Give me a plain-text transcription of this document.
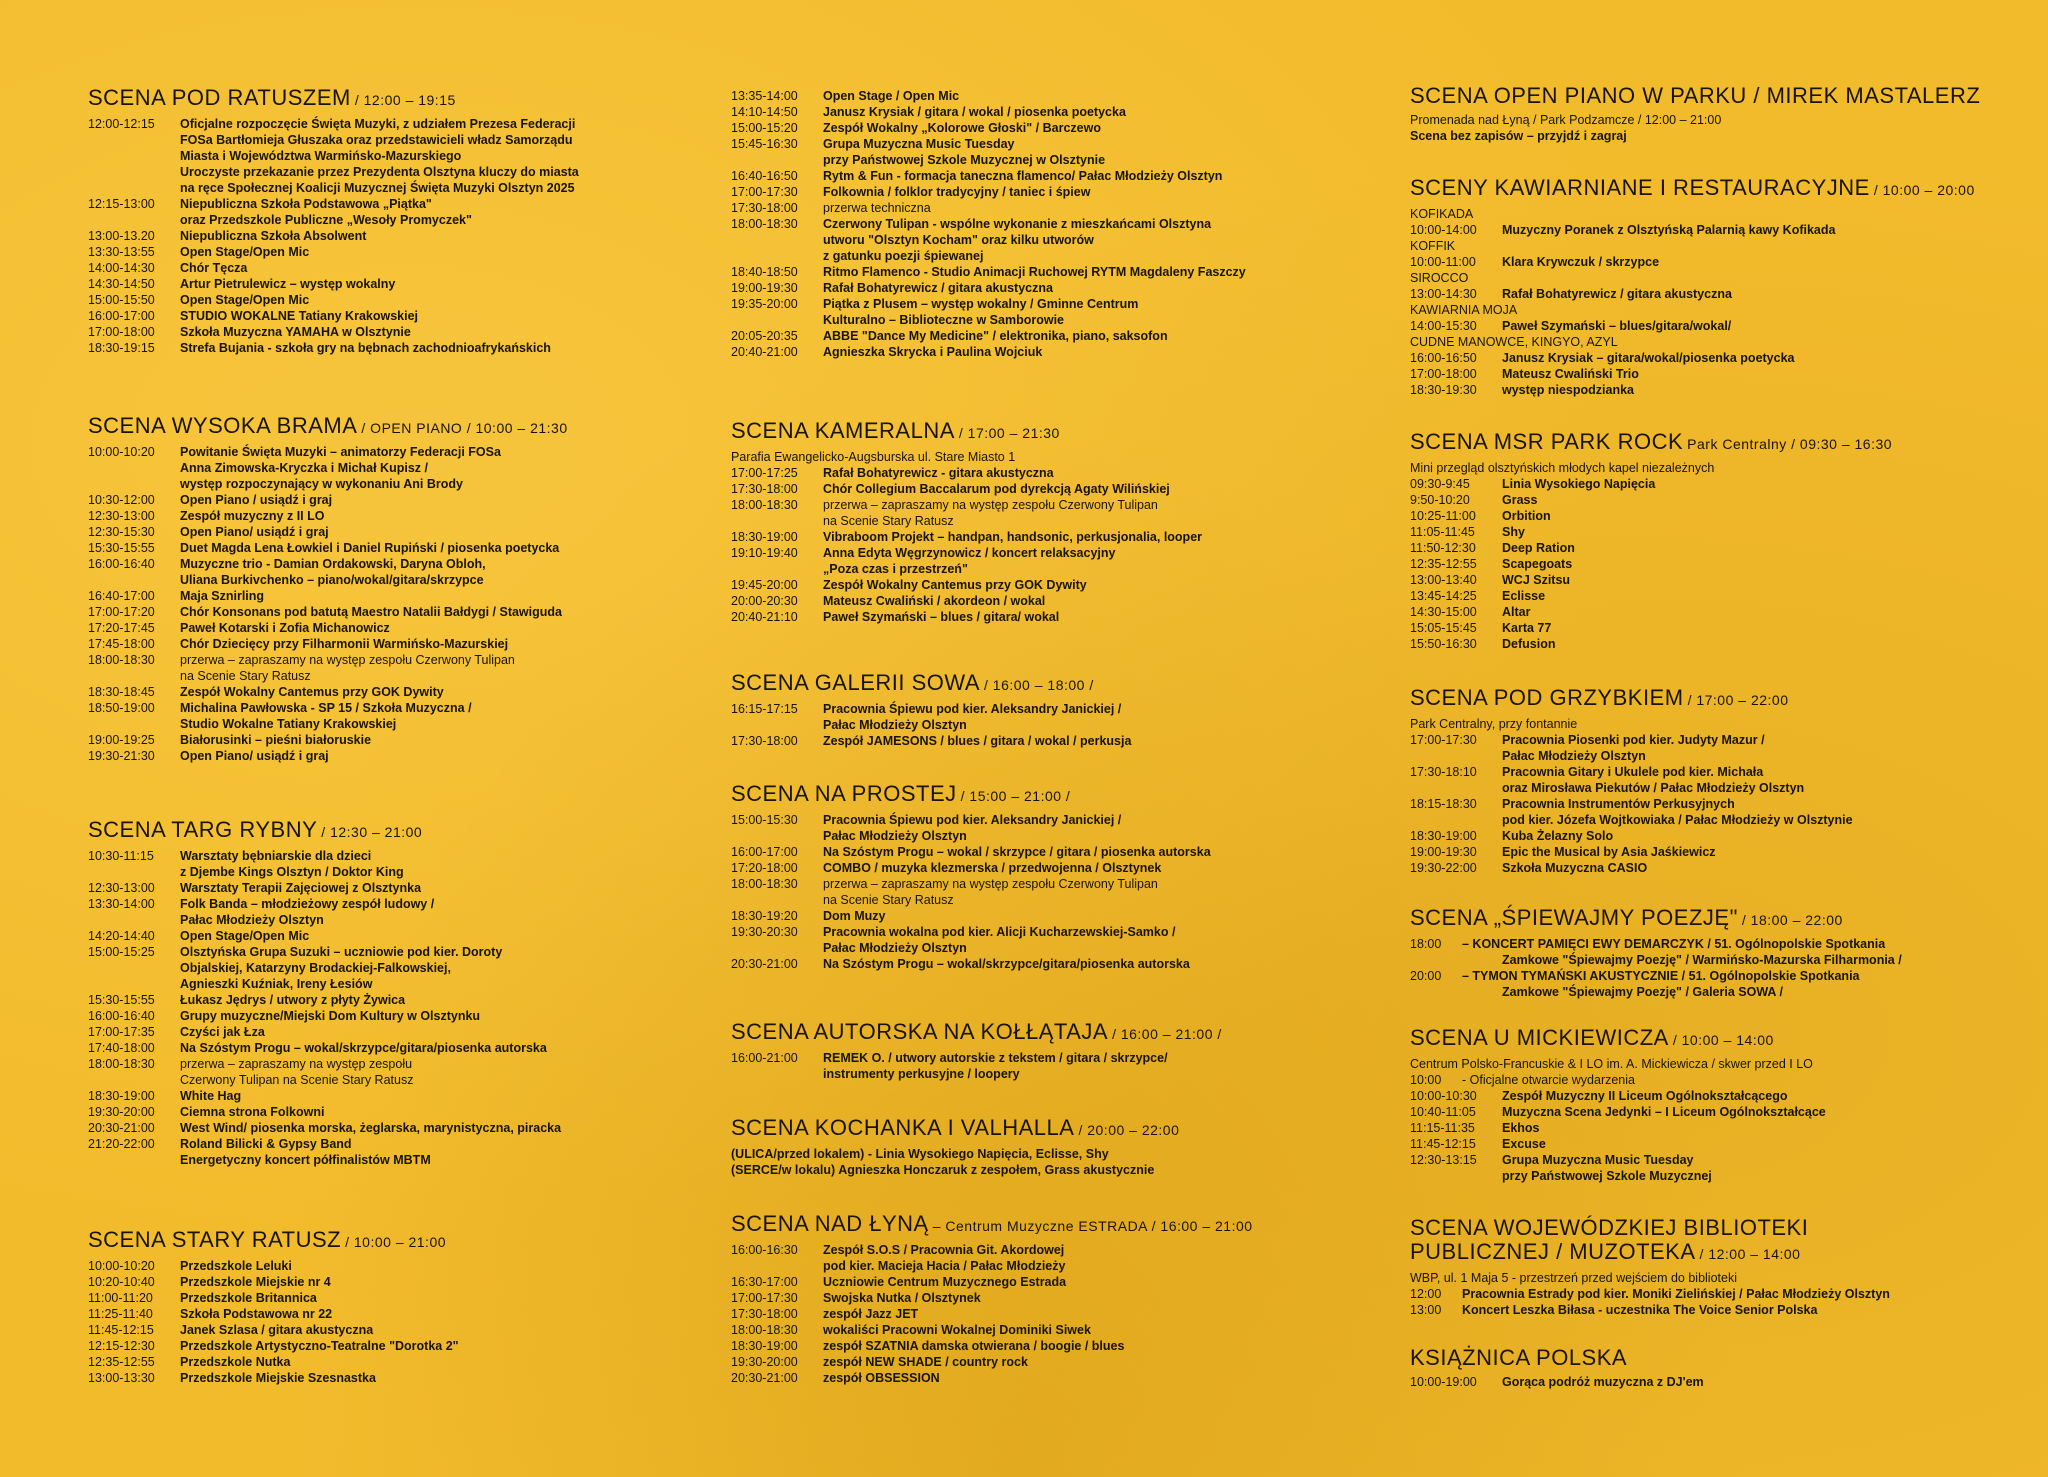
SCENA POD RATUSZEM / 12:00 – 19:15
12:00-12:15	Oficjalne rozpoczęcie Święta Muzyki, z udziałem Prezesa Federacji
FOSa Bartłomieja Głuszaka oraz przedstawicieli władz Samorządu
Miasta i Województwa Warmińsko-Mazurskiego
Uroczyste przekazanie przez Prezydenta Olsztyna kluczy do miasta
na ręce Społecznej Koalicji Muzycznej Święta Muzyki Olsztyn 2025
12:15-13:00	Niepubliczna Szkoła Podstawowa „Piątka"
oraz Przedszkole Publiczne „Wesoły Promyczek"
13:00-13.20	Niepubliczna Szkoła Absolwent
13:30-13:55	Open Stage/Open Mic
14:00-14:30	Chór Tęcza
14:30-14:50	Artur Pietrulewicz – występ wokalny
15:00-15:50	Open Stage/Open Mic
16:00-17:00	STUDIO WOKALNE Tatiany Krakowskiej
17:00-18:00	Szkoła Muzyczna YAMAHA w Olsztynie
18:30-19:15	Strefa Bujania - szkoła gry na bębnach zachodnioafrykańskich
SCENA WYSOKA BRAMA / OPEN PIANO / 10:00 – 21:30
10:00-10:20	Powitanie Święta Muzyki – animatorzy Federacji FOSa
Anna Zimowska-Kryczka i Michał Kupisz /
występ rozpoczynający w wykonaniu Ani Brody
10:30-12:00	Open Piano / usiądź i graj
12:30-13:00	Zespół muzyczny z II LO
12:30-15:30	Open Piano/ usiądź i graj
15:30-15:55	Duet Magda Lena Łowkiel i Daniel Rupiński / piosenka poetycka
16:00-16:40	Muzyczne trio - Damian Ordakowski, Daryna Obloh,
Uliana Burkivchenko – piano/wokal/gitara/skrzypce
16:40-17:00	Maja Sznirling
17:00-17:20	Chór Konsonans pod batutą Maestro Natalii Bałdygi / Stawiguda
17:20-17:45	Paweł Kotarski i Zofia Michanowicz
17:45-18:00	Chór Dziecięcy przy Filharmonii Warmińsko-Mazurskiej
18:00-18:30	przerwa – zapraszamy na występ zespołu Czerwony Tulipan
na Scenie Stary Ratusz
18:30-18:45	Zespół Wokalny Cantemus przy GOK Dywity
18:50-19:00	Michalina Pawłowska - SP 15 / Szkoła Muzyczna /
Studio Wokalne Tatiany Krakowskiej
19:00-19:25	Białorusinki – pieśni białoruskie
19:30-21:30	Open Piano/ usiądź i graj
SCENA TARG RYBNY / 12:30 – 21:00
10:30-11:15	Warsztaty bębniarskie dla dzieci
z Djembe Kings Olsztyn / Doktor King
12:30-13:00	Warsztaty Terapii Zajęciowej z Olsztynka
13:30-14:00	Folk Banda – młodzieżowy zespół ludowy /
Pałac Młodzieży Olsztyn
14:20-14:40	Open Stage/Open Mic
15:00-15:25	Olsztyńska Grupa Suzuki – uczniowie pod kier. Doroty
Objalskiej, Katarzyny Brodackiej-Falkowskiej,
Agnieszki Kuźniak, Ireny Łesiów
15:30-15:55	Łukasz Jędrys / utwory z płyty Żywica
16:00-16:40	Grupy muzyczne/Miejski Dom Kultury w Olsztynku
17:00-17:35	Czyści jak Łza
17:40-18:00	Na Szóstym Progu – wokal/skrzypce/gitara/piosenka autorska
18:00-18:30	przerwa – zapraszamy na występ zespołu
Czerwony Tulipan na Scenie Stary Ratusz
18:30-19:00	White Hag
19:30-20:00	Ciemna strona Folkowni
20:30-21:00	West Wind/ piosenka morska, żeglarska, marynistyczna, piracka
21:20-22:00	Roland Bilicki & Gypsy Band
Energetyczny koncert półfinalistów MBTM
SCENA STARY RATUSZ / 10:00 – 21:00
10:00-10:20	Przedszkole Leluki
10:20-10:40	Przedszkole Miejskie nr 4
11:00-11:20	Przedszkole Britannica
11:25-11:40	Szkoła Podstawowa nr 22
11:45-12:15	Janek Szlasa / gitara akustyczna
12:15-12:30	Przedszkole Artystyczno-Teatralne "Dorotka 2"
12:35-12:55	Przedszkole Nutka
13:00-13:30	Przedszkole Miejskie Szesnastka
13:35-14:00	Open Stage / Open Mic
14:10-14:50	Janusz Krysiak / gitara / wokal / piosenka poetycka
15:00-15:20	Zespół Wokalny „Kolorowe Głoski" / Barczewo
15:45-16:30	Grupa Muzyczna Music Tuesday
przy Państwowej Szkole Muzycznej w Olsztynie
16:40-16:50	Rytm & Fun - formacja taneczna flamenco/ Pałac Młodzieży Olsztyn
17:00-17:30	Folkownia / folklor tradycyjny / taniec i śpiew
17:30-18:00	przerwa techniczna
18:00-18:30	Czerwony Tulipan - wspólne wykonanie z mieszkańcami Olsztyna
utworu "Olsztyn Kocham" oraz kilku utworów
z gatunku poezji śpiewanej
18:40-18:50	Ritmo Flamenco - Studio Animacji Ruchowej RYTM Magdaleny Faszczy
19:00-19:30	Rafał Bohatyrewicz / gitara akustyczna
19:35-20:00	Piątka z Plusem – występ wokalny / Gminne Centrum
Kulturalno – Biblioteczne w Samborowie
20:05-20:35	ABBE "Dance My Medicine" / elektronika, piano, saksofon
20:40-21:00	Agnieszka Skrycka i Paulina Wojciuk
SCENA KAMERALNA / 17:00 – 21:30
Parafia Ewangelicko-Augsburska ul. Stare Miasto 1
17:00-17:25	Rafał Bohatyrewicz - gitara akustyczna
17:30-18:00	Chór Collegium Baccalarum pod dyrekcją Agaty Wilińskiej
18:00-18:30	przerwa – zapraszamy na występ zespołu Czerwony Tulipan
na Scenie Stary Ratusz
18:30-19:00	Vibraboom Projekt – handpan, handsonic, perkusjonalia, looper
19:10-19:40	Anna Edyta Węgrzynowicz / koncert relaksacyjny
„Poza czas i przestrzeń"
19:45-20:00	Zespół Wokalny Cantemus przy GOK Dywity
20:00-20:30	Mateusz Cwaliński / akordeon / wokal
20:40-21:10	Paweł Szymański – blues / gitara/ wokal
SCENA GALERII SOWA / 16:00 – 18:00 /
16:15-17:15	Pracownia Śpiewu pod kier. Aleksandry Janickiej /
Pałac Młodzieży Olsztyn
17:30-18:00	Zespół JAMESONS / blues / gitara / wokal / perkusja
SCENA NA PROSTEJ / 15:00 – 21:00 /
15:00-15:30	Pracownia Śpiewu pod kier. Aleksandry Janickiej /
Pałac Młodzieży Olsztyn
16:00-17:00	Na Szóstym Progu – wokal / skrzypce / gitara / piosenka autorska
17:20-18:00	COMBO / muzyka klezmerska / przedwojenna / Olsztynek
18:00-18:30	przerwa – zapraszamy na występ zespołu Czerwony Tulipan
na Scenie Stary Ratusz
18:30-19:20	Dom Muzy
19:30-20:30	Pracownia wokalna pod kier. Alicji Kucharzewskiej-Samko /
Pałac Młodzieży Olsztyn
20:30-21:00	Na Szóstym Progu – wokal/skrzypce/gitara/piosenka autorska
SCENA AUTORSKA NA KOŁŁĄTAJA / 16:00 – 21:00 /
16:00-21:00	REMEK O. / utwory autorskie z tekstem / gitara / skrzypce/
instrumenty perkusyjne / loopery
SCENA KOCHANKA I VALHALLA / 20:00 – 22:00
(ULICA/przed lokalem) - Linia Wysokiego Napięcia, Eclisse, Shy
(SERCE/w lokalu) Agnieszka Honczaruk z zespołem, Grass akustycznie
SCENA NAD ŁYNĄ – Centrum Muzyczne ESTRADA / 16:00 – 21:00
16:00-16:30	Zespół S.O.S / Pracownia Git. Akordowej
pod kier. Macieja Hacia / Pałac Młodzieży
16:30-17:00	Uczniowie Centrum Muzycznego Estrada
17:00-17:30	Swojska Nutka / Olsztynek
17:30-18:00	zespół Jazz JET
18:00-18:30	wokaliści Pracowni Wokalnej Dominiki Siwek
18:30-19:00	zespół SZATNIA damska otwierana / boogie / blues
19:30-20:00	zespół NEW SHADE / country rock
20:30-21:00	zespół OBSESSION
SCENA OPEN PIANO W PARKU / MIREK MASTALERZ
Promenada nad Łyną / Park Podzamcze / 12:00 – 21:00
Scena bez zapisów – przyjdź i zagraj
SCENY KAWIARNIANE I RESTAURACYJNE / 10:00 – 20:00
KOFIKADA
10:00-14:00	Muzyczny Poranek z Olsztyńską Palarnią kawy Kofikada
KOFFIK
10:00-11:00	Klara Krywczuk / skrzypce
SIROCCO
13:00-14:30	Rafał Bohatyrewicz / gitara akustyczna
KAWIARNIA MOJA
14:00-15:30	Paweł Szymański – blues/gitara/wokal/
CUDNE MANOWCE, KINGYO, AZYL
16:00-16:50	Janusz Krysiak – gitara/wokal/piosenka poetycka
17:00-18:00	Mateusz Cwaliński Trio
18:30-19:30	występ niespodzianka
SCENA MSR PARK ROCK Park Centralny / 09:30 – 16:30
Mini przegląd olsztyńskich młodych kapel niezależnych
09:30-9:45	Linia Wysokiego Napięcia
9:50-10:20	Grass
10:25-11:00	Orbition
11:05-11:45	Shy
11:50-12:30	Deep Ration
12:35-12:55	Scapegoats
13:00-13:40	WCJ Szitsu
13:45-14:25	Eclisse
14:30-15:00	Altar
15:05-15:45	Karta 77
15:50-16:30	Defusion
SCENA POD GRZYBKIEM / 17:00 – 22:00
Park Centralny, przy fontannie
17:00-17:30	Pracownia Piosenki pod kier. Judyty Mazur /
Pałac Młodzieży Olsztyn
17:30-18:10	Pracownia Gitary i Ukulele pod kier. Michała
oraz Mirosława Piekutów / Pałac Młodzieży Olsztyn
18:15-18:30	Pracownia Instrumentów Perkusyjnych
pod kier. Józefa Wojtkowiaka / Pałac Młodzieży w Olsztynie
18:30-19:00	Kuba Żelazny Solo
19:00-19:30	Epic the Musical by Asia Jaśkiewicz
19:30-22:00	Szkoła Muzyczna CASIO
SCENA „ŚPIEWAJMY POEZJĘ" / 18:00 – 22:00
18:00	– KONCERT PAMIĘCI EWY DEMARCZYK / 51. Ogólnopolskie Spotkania
Zamkowe "Śpiewajmy Poezję" / Warmińsko-Mazurska Filharmonia /
20:00	– TYMON TYMAŃSKI AKUSTYCZNIE / 51. Ogólnopolskie Spotkania
Zamkowe "Śpiewajmy Poezję" / Galeria SOWA /
SCENA U MICKIEWICZA / 10:00 – 14:00
Centrum Polsko-Francuskie & I LO im. A. Mickiewicza / skwer przed I LO
10:00	- Oficjalne otwarcie wydarzenia
10:00-10:30	Zespół Muzyczny II Liceum Ogólnokształcącego
10:40-11:05	Muzyczna Scena Jedynki – I Liceum Ogólnokształcące
11:15-11:35	Ekhos
11:45-12:15	Excuse
12:30-13:15	Grupa Muzyczna Music Tuesday
przy Państwowej Szkole Muzycznej
SCENA WOJEWÓDZKIEJ BIBLIOTEKI
PUBLICZNEJ / MUZOTEKA / 12:00 – 14:00
WBP, ul. 1 Maja 5 - przestrzeń przed wejściem do biblioteki
12:00	Pracownia Estrady pod kier. Moniki Zielińskiej / Pałac Młodzieży Olsztyn
13:00	Koncert Leszka Biłasa - uczestnika The Voice Senior Polska
KSIĄŻNICA POLSKA
10:00-19:00	Gorąca podróż muzyczna z DJ'em
